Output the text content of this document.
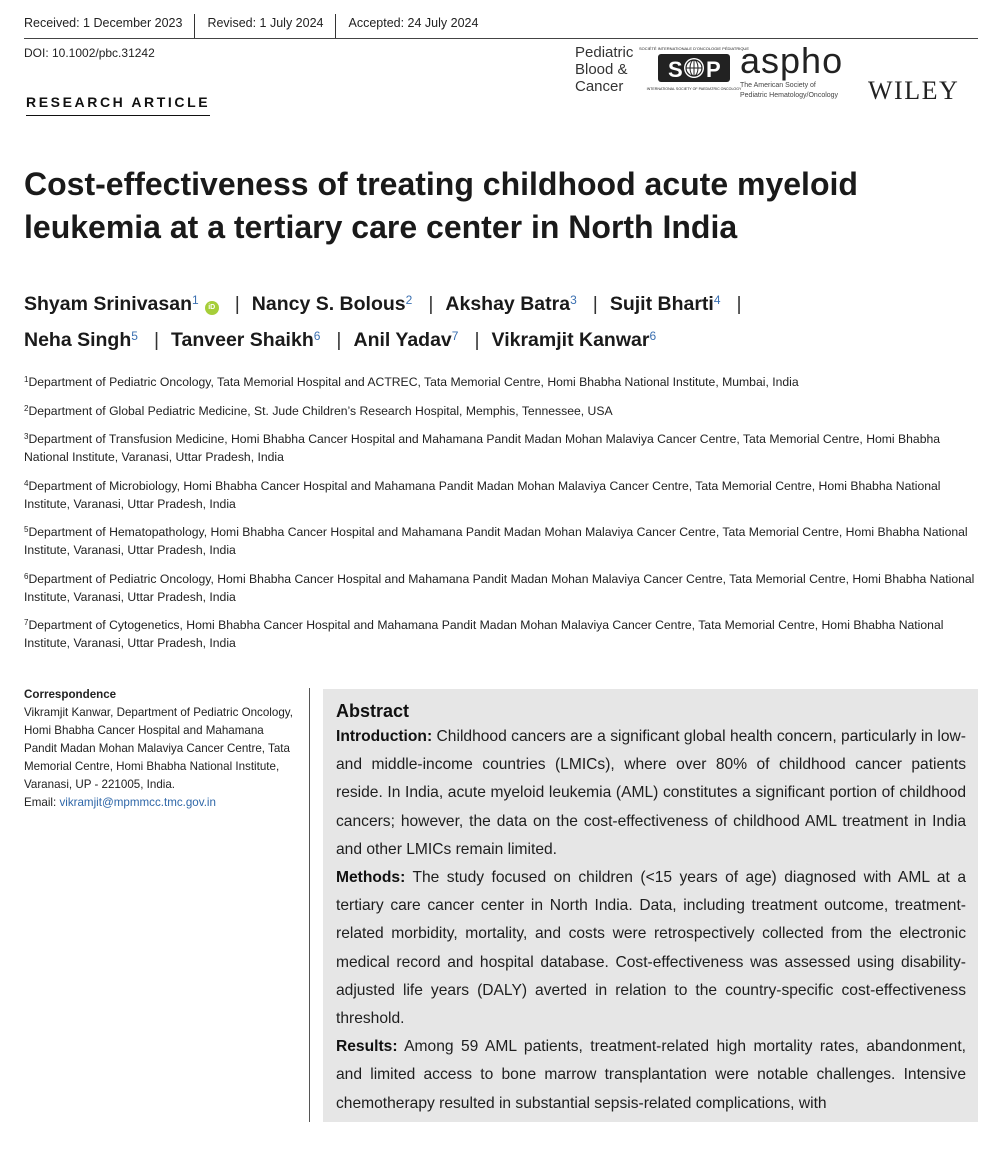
Received: 1 December 2023	Revised: 1 July 2024	Accepted: 24 July 2024
DOI: 10.1002/pbc.31242
RESEARCH ARTICLE
Pediatric
Blood &
Cancer
SOCIÉTÉ INTERNATIONALE D'ONCOLOGIE PÉDIATRIQUE
S P
INTERNATIONAL SOCIETY OF PAEDIATRIC ONCOLOGY
aspho
The American Society of
Pediatric Hematology/Oncology WILEY
Cost-effectiveness of treating childhood acute myeloid leukemia at a tertiary care center in North India
Shyam Srinivasan$^1$iD | Nancy S. Bolous$^2$ | Akshay Batra$^3$ | Sujit Bharti$^4$ |
Neha Singh$^5$ | Tanveer Shaikh$^6$ | Anil Yadav$^7$ | Vikramjit Kanwar$^6$
$^1$Department of Pediatric Oncology, Tata Memorial Hospital and ACTREC, Tata Memorial Centre, Homi Bhabha National Institute, Mumbai, India
$^2$Department of Global Pediatric Medicine, St. Jude Children’s Research Hospital, Memphis, Tennessee, USA
$^3$Department of Transfusion Medicine, Homi Bhabha Cancer Hospital and Mahamana Pandit Madan Mohan Malaviya Cancer Centre, Tata Memorial Centre, Homi Bhabha National Institute, Varanasi, Uttar Pradesh, India
$^4$Department of Microbiology, Homi Bhabha Cancer Hospital and Mahamana Pandit Madan Mohan Malaviya Cancer Centre, Tata Memorial Centre, Homi Bhabha National Institute, Varanasi, Uttar Pradesh, India
$^5$Department of Hematopathology, Homi Bhabha Cancer Hospital and Mahamana Pandit Madan Mohan Malaviya Cancer Centre, Tata Memorial Centre, Homi Bhabha National Institute, Varanasi, Uttar Pradesh, India
$^6$Department of Pediatric Oncology, Homi Bhabha Cancer Hospital and Mahamana Pandit Madan Mohan Malaviya Cancer Centre, Tata Memorial Centre, Homi Bhabha National Institute, Varanasi, Uttar Pradesh, India
$^7$Department of Cytogenetics, Homi Bhabha Cancer Hospital and Mahamana Pandit Madan Mohan Malaviya Cancer Centre, Tata Memorial Centre, Homi Bhabha National Institute, Varanasi, Uttar Pradesh, India
Correspondence
Vikramjit Kanwar, Department of Pediatric Oncology, Homi Bhabha Cancer Hospital and Mahamana Pandit Madan Mohan Malaviya Cancer Centre, Tata Memorial Centre, Homi Bhabha National Institute, Varanasi, UP - 221005, India.
Email: vikramjit@mpmmcc.tmc.gov.in
Abstract

Introduction: Childhood cancers are a significant global health concern, particularly in low- and middle-income countries (LMICs), where over 80% of childhood cancer patients reside. In India, acute myeloid leukemia (AML) constitutes a significant portion of childhood cancers; however, the data on the cost-effectiveness of childhood AML treatment in India and other LMICs remain limited.

Methods: The study focused on children (<15 years of age) diagnosed with AML at a tertiary care cancer center in North India. Data, including treatment outcome, treatment-related morbidity, mortality, and costs were retrospectively collected from the electronic medical record and hospital database. Cost-effectiveness was assessed using disability-adjusted life years (DALY) averted in relation to the country-specific cost-effectiveness threshold.

Results: Among 59 AML patients, treatment-related high mortality rates, abandonment, and limited access to bone marrow transplantation were notable challenges. Intensive chemotherapy resulted in substantial sepsis-related complications, with
